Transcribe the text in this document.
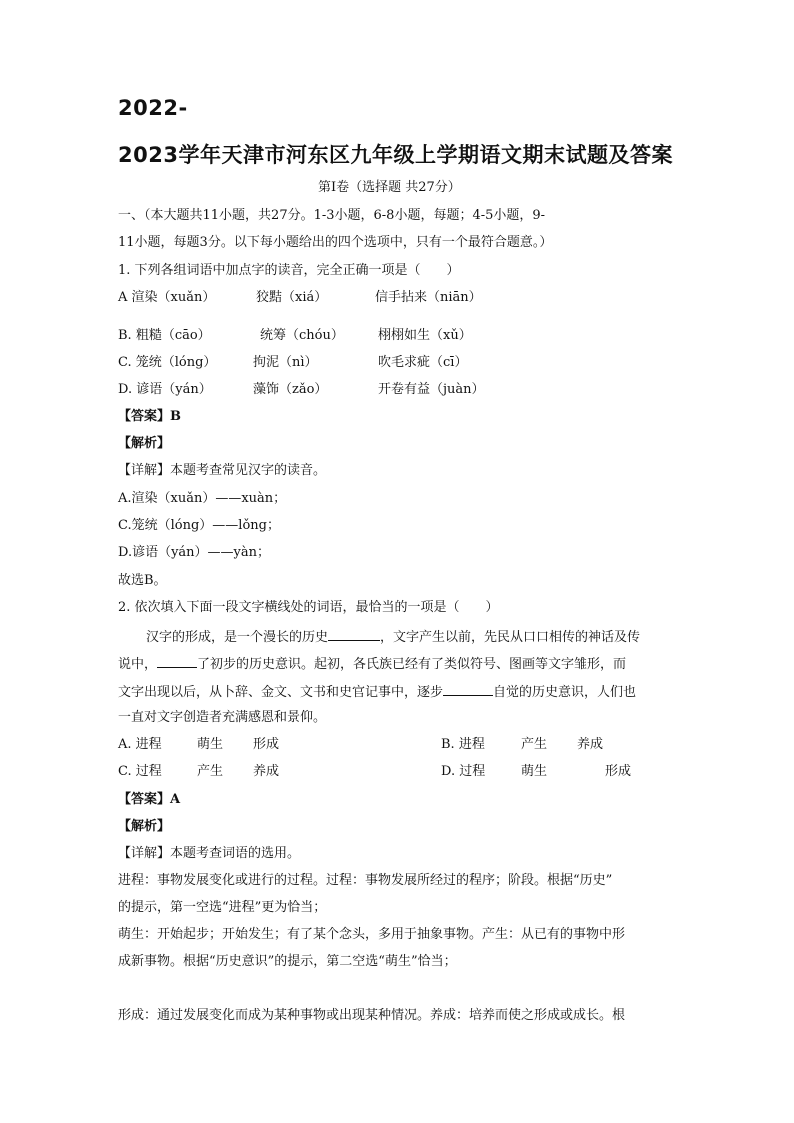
2022-
2023学年天津市河东区九年级上学期语文期末试题及答案
第I卷（选择题 共27分）
一、（本大题共11小题，共27分。1-3小题，6-8小题，每题；4-5小题，9-
11小题，每题3分。以下每小题给出的四个选项中，只有一个最符合题意。）
1. 下列各组词语中加点字的读音，完全正确一项是（　　）
A 渲染（xuǎn）	狡黠（xiá）	信手拈来（niān）
B. 粗糙（cāo）	统筹（chóu）	栩栩如生（xǔ）
C. 笼统（lóng）	拘泥（nì）	吹毛求疵（cī）
D. 谚语（yán）	藻饰（zǎo）	开卷有益（juàn）
【答案】B
【解析】
【详解】本题考查常见汉字的读音。
A.渲染（xuǎn）——xuàn；
C.笼统（lóng）——lǒng；
D.谚语（yán）——yàn；
故选B。
2. 依次填入下面一段文字横线处的词语，最恰当的一项是（　　）
汉字的形成，是一个漫长的历史	，文字产生以前，先民从口口相传的神话及传
说中，	了初步的历史意识。起初，各氏族已经有了类似符号、图画等文字雏形，而
文字出现以后，从卜辞、金文、文书和史官记事中，逐步	自觉的历史意识，人们也
一直对文字创造者充满感恩和景仰。
A. 进程	萌生 形成	B. 进程	产生 养成
C. 过程	产生 养成	D. 过程	萌生	形成
【答案】A
【解析】
【详解】本题考查词语的选用。
进程：事物发展变化或进行的过程。过程：事物发展所经过的程序；阶段。根据“历史”
的提示，第一空选“进程”更为恰当；
萌生：开始起步；开始发生；有了某个念头，多用于抽象事物。产生：从已有的事物中形
成新事物。根据“历史意识”的提示，第二空选“萌生”恰当；
形成：通过发展变化而成为某种事物或出现某种情况。养成：培养而使之形成或成长。根
